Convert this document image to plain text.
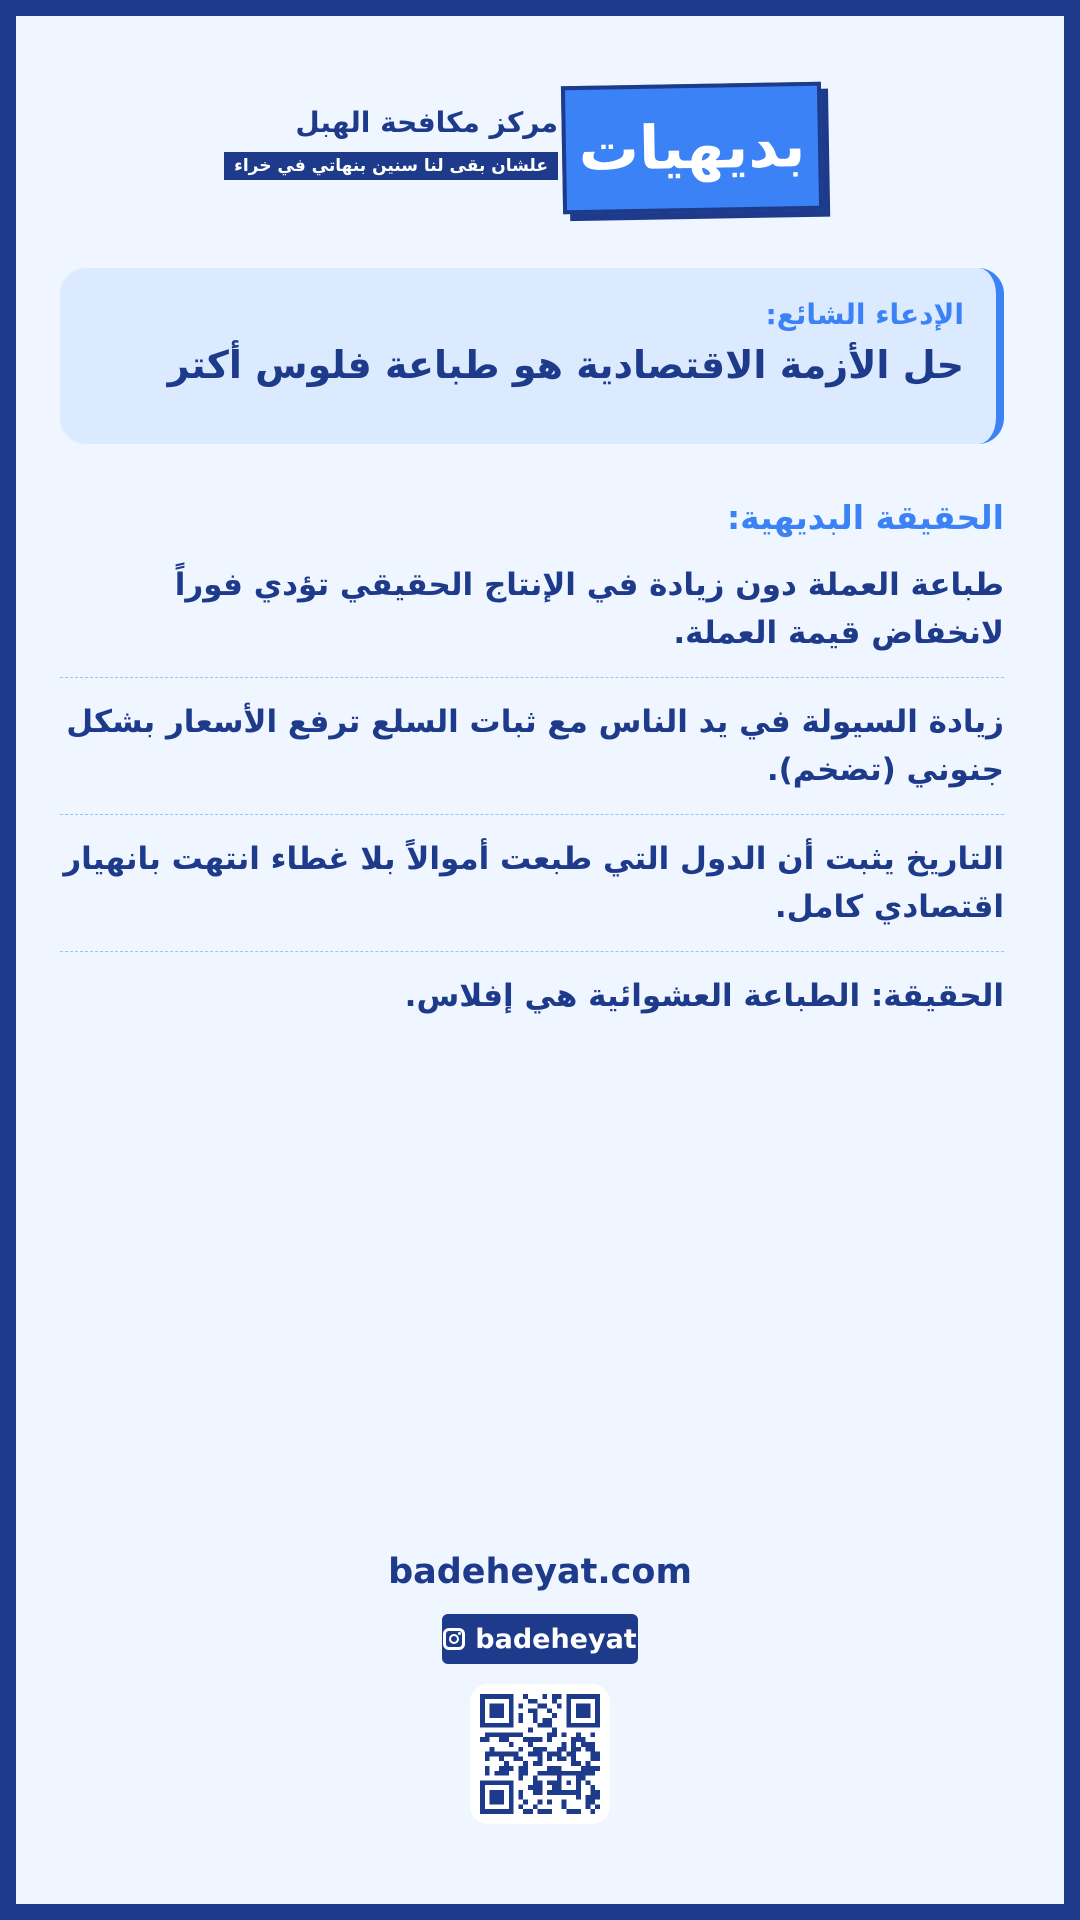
بديهيات
مركز مكافحة الهبل
علشان بقى لنا سنين بنهاتي في خراء
الإدعاء الشائع:
حل الأزمة الاقتصادية هو طباعة فلوس أكتر
الحقيقة البديهية:
طباعة العملة دون زيادة في الإنتاج الحقيقي تؤدي فوراً لانخفاض قيمة العملة.
زيادة السيولة في يد الناس مع ثبات السلع ترفع الأسعار بشكل جنوني (تضخم).
التاريخ يثبت أن الدول التي طبعت أموالاً بلا غطاء انتهت بانهيار اقتصادي كامل.
الحقيقة: الطباعة العشوائية هي إفلاس.
badeheyat.com
badeheyat
